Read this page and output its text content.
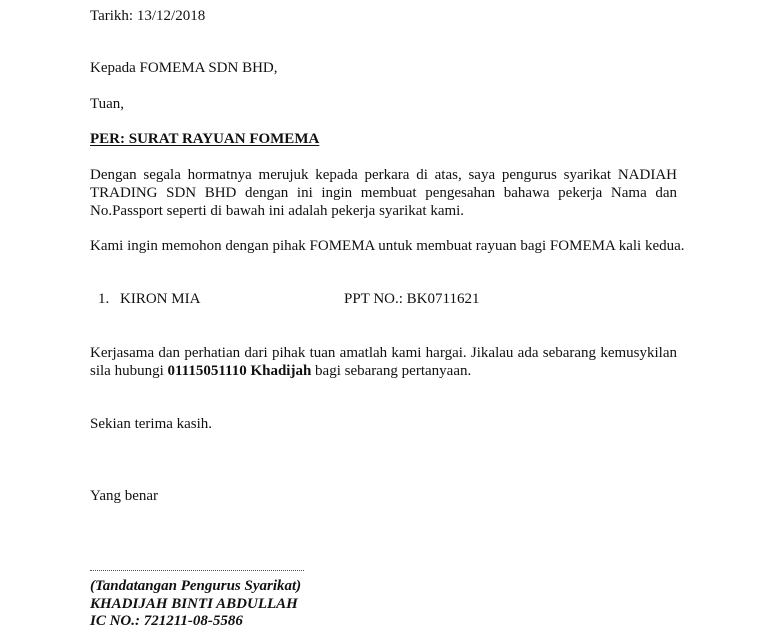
Tarikh: 13/12/2018
Kepada FOMEMA SDN BHD,
Tuan,
PER: SURAT RAYUAN FOMEMA
Dengan segala hormatnya merujuk kepada perkara di atas, saya pengurus syarikat NADIAH
TRADING SDN BHD dengan ini ingin membuat pengesahan bahawa pekerja Nama dan
No.Passport seperti di bawah ini adalah pekerja syarikat kami.
Kami ingin memohon dengan pihak FOMEMA untuk membuat rayuan bagi FOMEMA kali kedua.
1. KIRON MIA	PPT NO.: BK0711621
Kerjasama dan perhatian dari pihak tuan amatlah kami hargai. Jikalau ada sebarang kemusykilan
sila hubungi 01115051110 Khadijah bagi sebarang pertanyaan.
Sekian terima kasih.
Yang benar
(Tandatangan Pengurus Syarikat)
KHADIJAH BINTI ABDULLAH
IC NO.: 721211-08-5586
